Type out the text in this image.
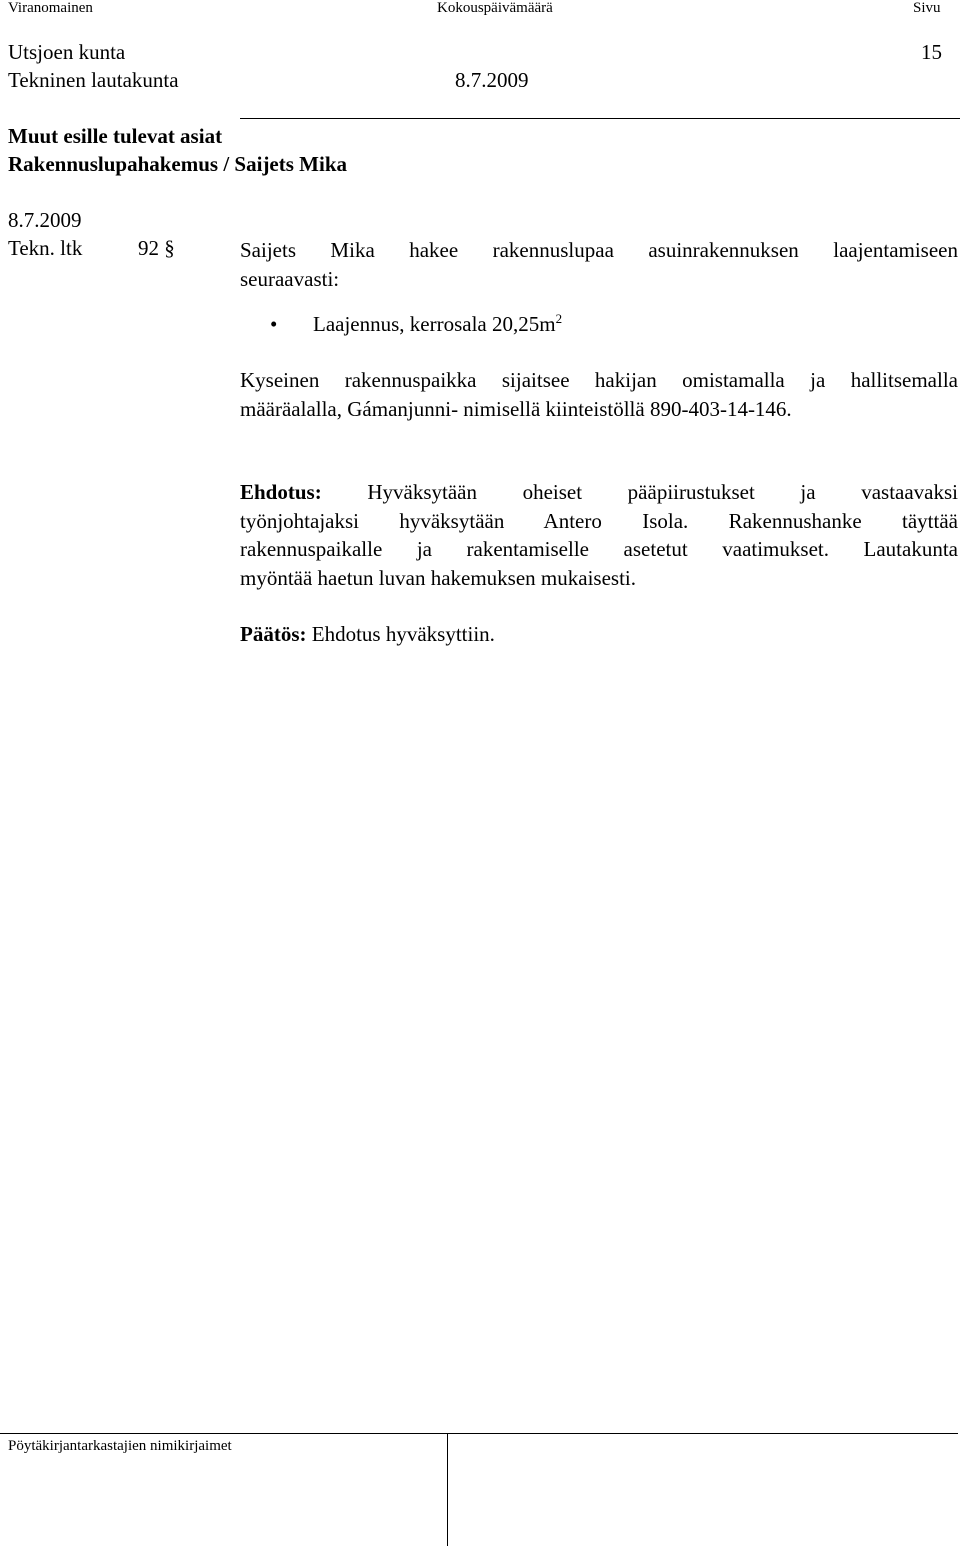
Viranomainen	Kokouspäivämäärä	Sivu
Utsjoen kunta	15
Tekninen lautakunta	8.7.2009
Muut esille tulevat asiat
Rakennuslupahakemus / Saijets Mika
8.7.2009
Tekn. ltk	92 §	Saijets Mika hakee rakennuslupaa asuinrakennuksen laajentamiseen
seuraavasti:
• Laajennus, kerrosala $20,25m^2$
Kyseinen rakennuspaikka sijaitsee hakijan omistamalla ja hallitsemalla
määräalalla, Gámanjunni- nimisellä kiinteistöllä 890-403-14-146.
Ehdotus: Hyväksytään oheiset pääpiirustukset ja vastaavaksi
työnjohtajaksi hyväksytään Antero Isola. Rakennushanke täyttää
rakennuspaikalle ja rakentamiselle asetetut vaatimukset. Lautakunta
myöntää haetun luvan hakemuksen mukaisesti.
Päätös: Ehdotus hyväksyttiin.
Pöytäkirjantarkastajien nimikirjaimet
